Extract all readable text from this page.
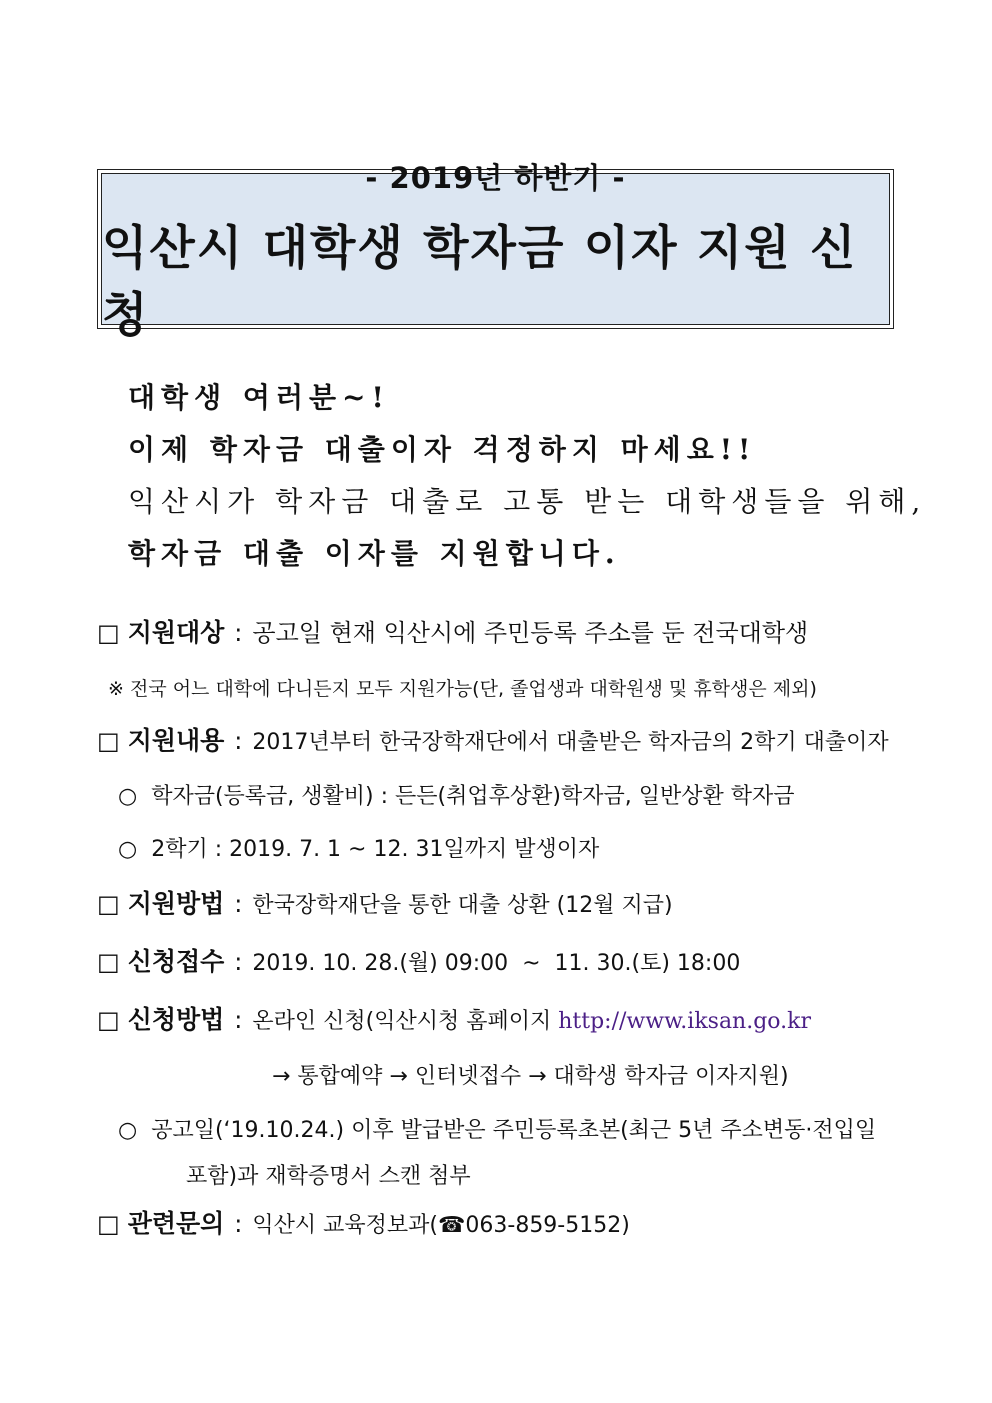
- 2019년 하반기 -
익산시 대학생 학자금 이자 지원 신청
대학생 여러분~!
이제 학자금 대출이자 걱정하지 마세요!!
익산시가 학자금 대출로 고통 받는 대학생들을 위해,
학자금 대출 이자를 지원합니다.
□ 지원대상 : 공고일 현재 익산시에 주민등록 주소를 둔 전국대학생
※ 전국 어느 대학에 다니든지 모두 지원가능(단, 졸업생과 대학원생 및 휴학생은 제외)
□ 지원내용 : 2017년부터 한국장학재단에서 대출받은 학자금의 2학기 대출이자
○ 학자금(등록금, 생활비) : 든든(취업후상환)학자금, 일반상환 학자금
○ 2학기 : 2019. 7. 1 ~ 12. 31일까지 발생이자
□ 지원방법 : 한국장학재단을 통한 대출 상환 (12월 지급)
□ 신청접수 : 2019. 10. 28.(월) 09:00  ~  11. 30.(토) 18:00
□ 신청방법 : 온라인 신청(익산시청 홈페이지 http://www.iksan.go.kr
→ 통합예약 → 인터넷접수 → 대학생 학자금 이자지원)
○ 공고일(‘19.10.24.) 이후 발급받은 주민등록초본(최근 5년 주소변동·전입일
포함)과 재학증명서 스캔 첨부
□ 관련문의 : 익산시 교육정보과(☎063-859-5152)
